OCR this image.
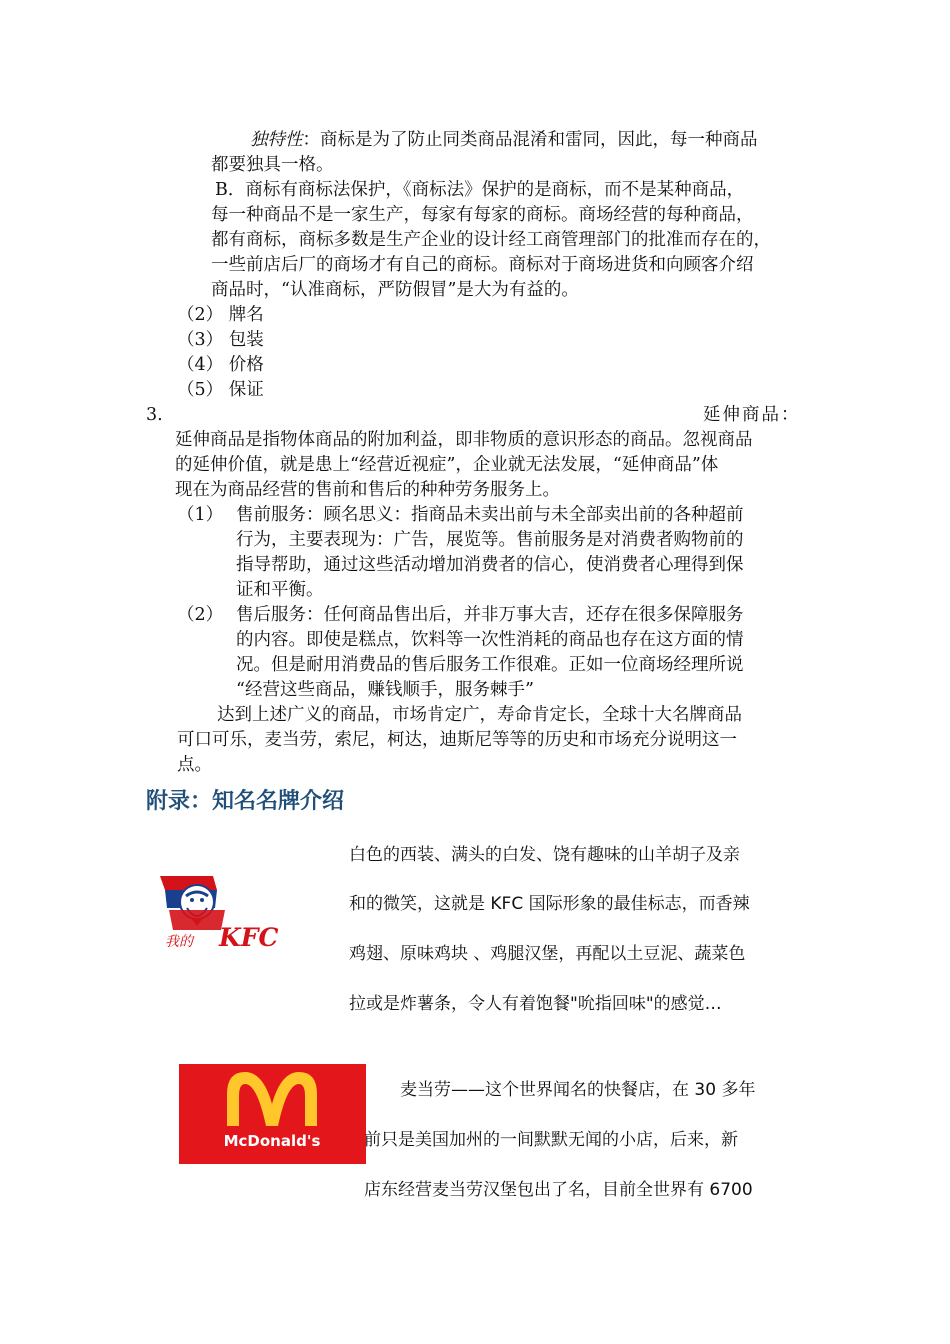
独特性：商标是为了防止同类商品混淆和雷同，因此，每一种商品
都要独具一格。
B．商标有商标法保护，《商标法》保护的是商标，而不是某种商品，
每一种商品不是一家生产，每家有每家的商标。商场经营的每种商品，
都有商标，商标多数是生产企业的设计经工商管理部门的批准而存在的，
一些前店后厂的商场才有自己的商标。商标对于商场进货和向顾客介绍
商品时，“认准商标，严防假冒”是大为有益的。
（2） 牌名
（3） 包装
（4） 价格
（5） 保证
3.	延伸商品：
延伸商品是指物体商品的附加利益，即非物质的意识形态的商品。忽视商品
的延伸价值，就是患上“经营近视症”，企业就无法发展，“延伸商品”体
现在为商品经营的售前和售后的种种劳务服务上。
（1） 售前服务：顾名思义：指商品未卖出前与未全部卖出前的各种超前
行为，主要表现为：广告，展览等。售前服务是对消费者购物前的
指导帮助，通过这些活动增加消费者的信心，使消费者心理得到保
证和平衡。
（2） 售后服务：任何商品售出后，并非万事大吉，还存在很多保障服务
的内容。即使是糕点，饮料等一次性消耗的商品也存在这方面的情
况。但是耐用消费品的售后服务工作很难。正如一位商场经理所说
“经营这些商品，赚钱顺手，服务棘手”
达到上述广义的商品，市场肯定广，寿命肯定长，全球十大名牌商品
可口可乐，麦当劳，索尼，柯达，迪斯尼等等的历史和市场充分说明这一
点。
附录：知名名牌介绍
我的 KFC
白色的西装、满头的白发、饶有趣味的山羊胡子及亲
和的微笑，这就是 KFC 国际形象的最佳标志，而香辣
鸡翅、原味鸡块 、鸡腿汉堡，再配以土豆泥、蔬菜色
拉或是炸薯条，令人有着饱餐"吮指回味"的感觉…
McDonald's
麦当劳——这个世界闻名的快餐店，在 30 多年
前只是美国加州的一间默默无闻的小店，后来，新
店东经营麦当劳汉堡包出了名，目前全世界有 6700
